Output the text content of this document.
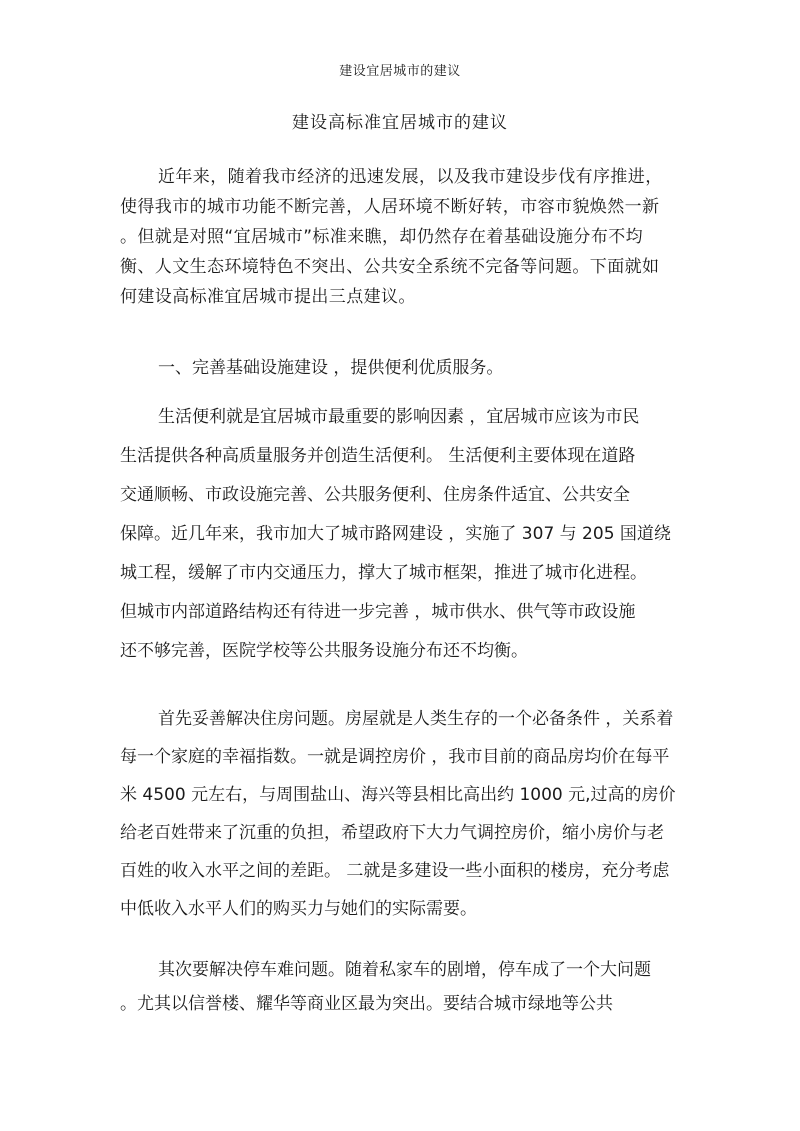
建设宜居城市的建议
建设高标准宜居城市的建议
近年来，随着我市经济的迅速发展，以及我市建设步伐有序推进，
使得我市的城市功能不断完善，人居环境不断好转，市容市貌焕然一新
。但就是对照“宜居城市”标准来瞧，却仍然存在着基础设施分布不均
衡、人文生态环境特色不突出、公共安全系统不完备等问题。下面就如
何建设高标准宜居城市提出三点建议。
一、完善基础设施建设 ，提供便利优质服务。
生活便利就是宜居城市最重要的影响因素 ，宜居城市应该为市民
生活提供各种高质量服务并创造生活便利。 生活便利主要体现在道路
交通顺畅、市政设施完善、公共服务便利、住房条件适宜、公共安全
保障。近几年来，我市加大了城市路网建设 ，实施了 307 与 205 国道绕
城工程，缓解了市内交通压力，撑大了城市框架，推进了城市化进程。
但城市内部道路结构还有待进一步完善 ，城市供水、供气等市政设施
还不够完善，医院学校等公共服务设施分布还不均衡。
首先妥善解决住房问题。房屋就是人类生存的一个必备条件 ，关系着
每一个家庭的幸福指数。一就是调控房价 ，我市目前的商品房均价在每平
米 4500 元左右，与周围盐山、海兴等县相比高出约 1000 元,过高的房价
给老百姓带来了沉重的负担，希望政府下大力气调控房价，缩小房价与老
百姓的收入水平之间的差距。 二就是多建设一些小面积的楼房，充分考虑
中低收入水平人们的购买力与她们的实际需要。
其次要解决停车难问题。随着私家车的剧增，停车成了一个大问题
。尤其以信誉楼、耀华等商业区最为突出。要结合城市绿地等公共
